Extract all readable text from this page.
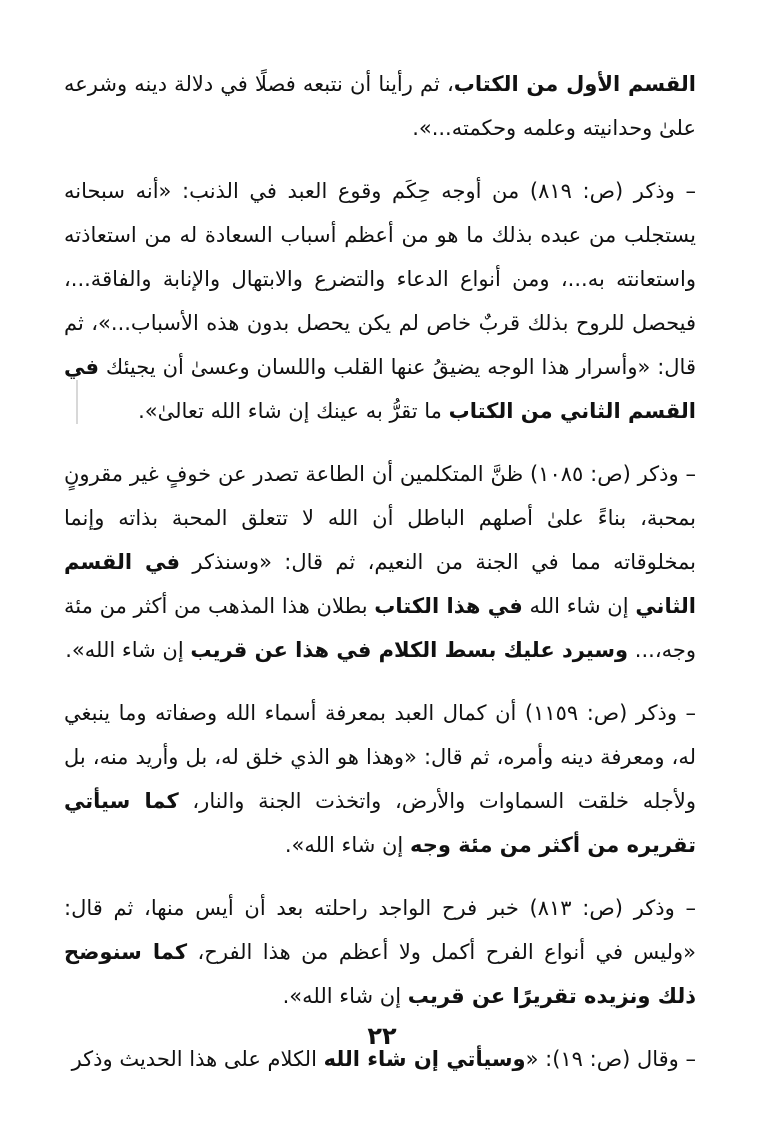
القسم الأول من الكتاب، ثم رأينا أن نتبعه فصلًا في دلالة دينه وشرعه علىٰ وحدانيته وعلمه وحكمته...».

– وذكر (ص: ٨١٩) من أوجه حِكَم وقوع العبد في الذنب: «أنه سبحانه يستجلب من عبده بذلك ما هو من أعظم أسباب السعادة له من استعاذته واستعانته به...، ومن أنواع الدعاء والتضرع والابتهال والإنابة والفاقة...، فيحصل للروح بذلك قربٌ خاص لم يكن يحصل بدون هذه الأسباب...»، ثم قال: «وأسرار هذا الوجه يضيقُ عنها القلب واللسان وعسىٰ أن يجيئك في القسم الثاني من الكتاب ما تقرُّ به عينك إن شاء الله تعالىٰ».

– وذكر (ص: ١٠٨٥) ظنَّ المتكلمين أن الطاعة تصدر عن خوفٍ غير مقرونٍ بمحبة، بناءً علىٰ أصلهم الباطل أن الله لا تتعلق المحبة بذاته وإنما بمخلوقاته مما في الجنة من النعيم، ثم قال: «وسنذكر في القسم الثاني إن شاء الله في هذا الكتاب بطلان هذا المذهب من أكثر من مئة وجه،... وسيرد عليك بسط الكلام في هذا عن قريب إن شاء الله».

– وذكر (ص: ١١٥٩) أن كمال العبد بمعرفة أسماء الله وصفاته وما ينبغي له، ومعرفة دينه وأمره، ثم قال: «وهذا هو الذي خلق له، بل وأريد منه، بل ولأجله خلقت السماوات والأرض، واتخذت الجنة والنار، كما سيأتي تقريره من أكثر من مئة وجه إن شاء الله».

– وذكر (ص: ٨١٣) خبر فرح الواجد راحلته بعد أن أيس منها، ثم قال: «وليس في أنواع الفرح أكمل ولا أعظم من هذا الفرح، كما سنوضح ذلك ونزيده تقريرًا عن قريب إن شاء الله».

– وقال (ص: ١٩): «وسيأتي إن شاء الله الكلام على هذا الحديث وذكر

٢٢
